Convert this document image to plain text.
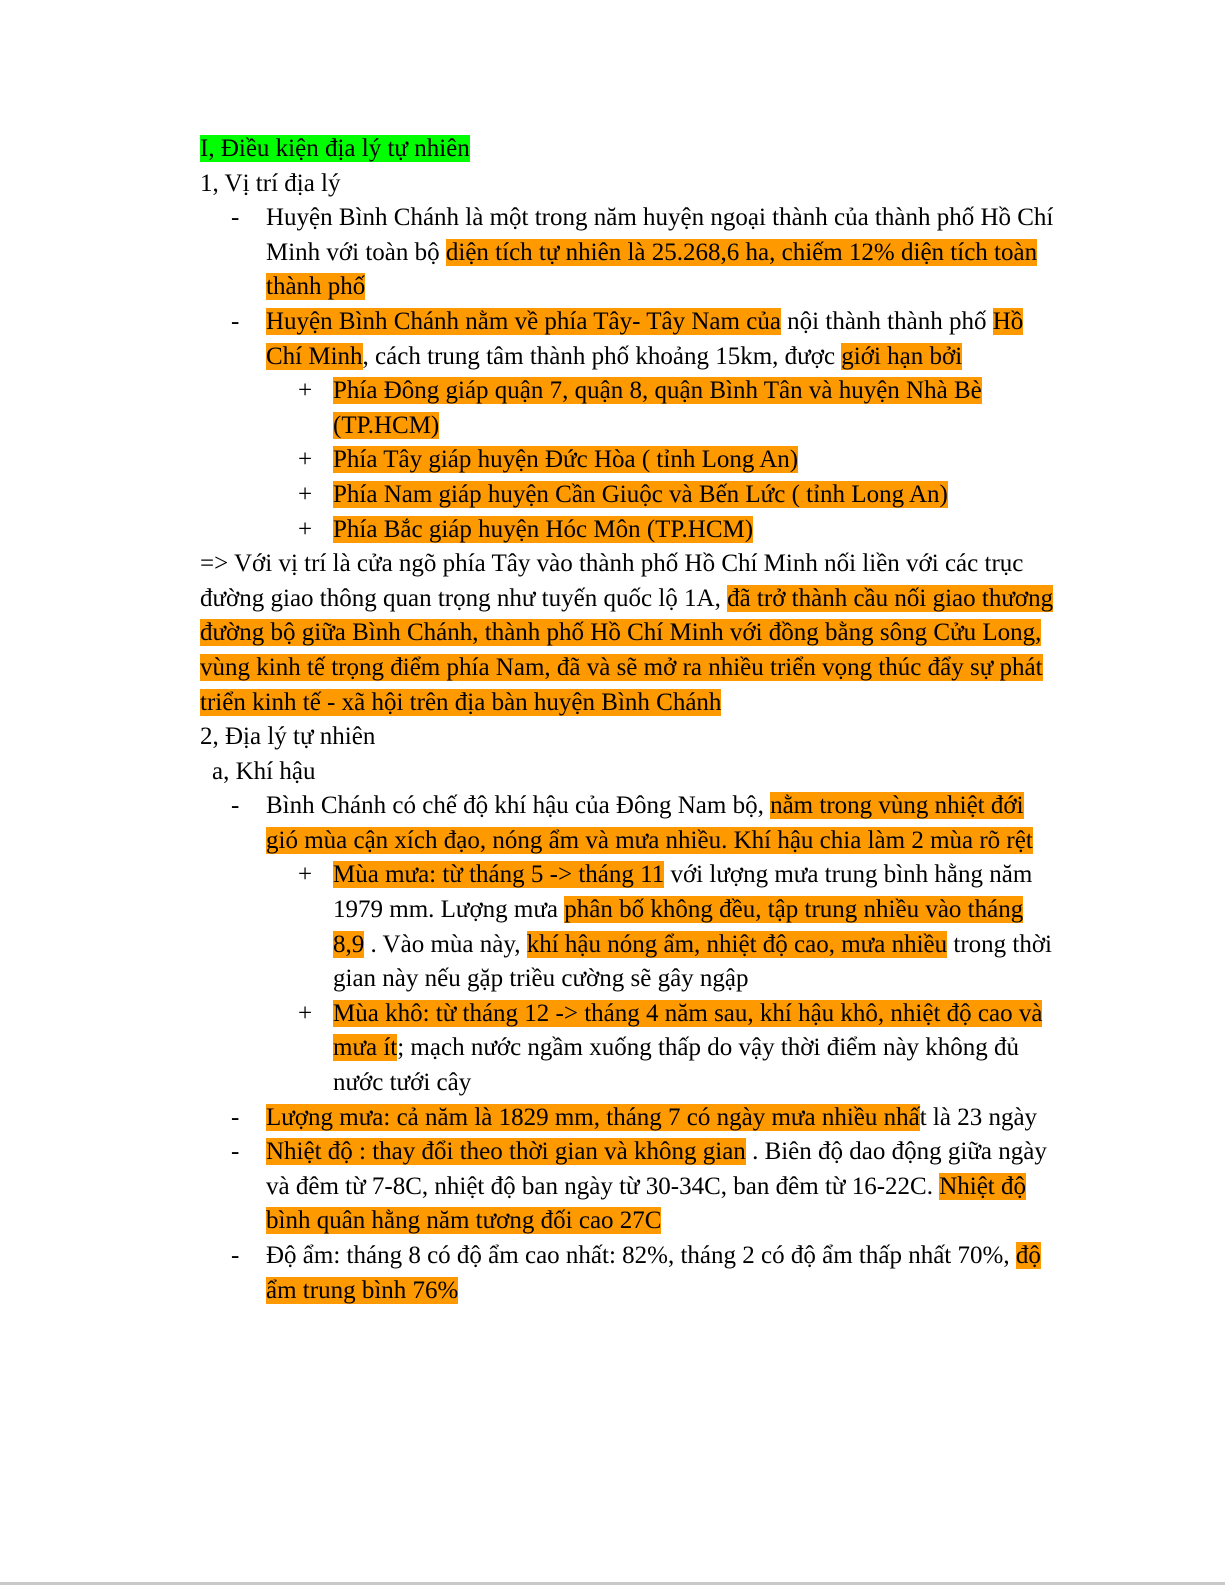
I, Điều kiện địa lý tự nhiên

1, Vị trí địa lý

- Huyện Bình Chánh là một trong năm huyện ngoại thành của thành phố Hồ Chí Minh với toàn bộ diện tích tự nhiên là 25.268,6 ha, chiếm 12% diện tích toàn thành phố
- Huyện Bình Chánh nằm về phía Tây- Tây Nam của nội thành thành phố Hồ Chí Minh, cách trung tâm thành phố khoảng 15km, được giới hạn bởi
+ Phía Đông giáp quận 7, quận 8, quận Bình Tân và huyện Nhà Bè (TP.HCM)
+ Phía Tây giáp huyện Đức Hòa ( tỉnh Long An)
+ Phía Nam giáp huyện Cần Giuộc và Bến Lức ( tỉnh Long An)
+ Phía Bắc giáp huyện Hóc Môn (TP.HCM)

=> Với vị trí là cửa ngõ phía Tây vào thành phố Hồ Chí Minh nối liền với các trục đường giao thông quan trọng như tuyến quốc lộ 1A, đã trở thành cầu nối giao thương đường bộ giữa Bình Chánh, thành phố Hồ Chí Minh với đồng bằng sông Cửu Long, vùng kinh tế trọng điểm phía Nam, đã và sẽ mở ra nhiều triển vọng thúc đẩy sự phát triển kinh tế - xã hội trên địa bàn huyện Bình Chánh

2, Địa lý tự nhiên

a, Khí hậu

- Bình Chánh có chế độ khí hậu của Đông Nam bộ, nằm trong vùng nhiệt đới gió mùa cận xích đạo, nóng ẩm và mưa nhiều. Khí hậu chia làm 2 mùa rõ rệt
+ Mùa mưa: từ tháng 5 -> tháng 11 với lượng mưa trung bình hằng năm 1979 mm. Lượng mưa phân bố không đều, tập trung nhiều vào tháng 8,9 . Vào mùa này, khí hậu nóng ẩm, nhiệt độ cao, mưa nhiều trong thời gian này nếu gặp triều cường sẽ gây ngập
+ Mùa khô: từ tháng 12 -> tháng 4 năm sau, khí hậu khô, nhiệt độ cao và mưa ít; mạch nước ngầm xuống thấp do vậy thời điểm này không đủ nước tưới cây
- Lượng mưa: cả năm là 1829 mm, tháng 7 có ngày mưa nhiều nhất là 23 ngày
- Nhiệt độ : thay đổi theo thời gian và không gian . Biên độ dao động giữa ngày và đêm từ 7-8C, nhiệt độ ban ngày từ 30-34C, ban đêm từ 16-22C. Nhiệt độ bình quân hằng năm tương đối cao 27C
- Độ ẩm: tháng 8 có độ ẩm cao nhất: 82%, tháng 2 có độ ẩm thấp nhất 70%, độ ẩm trung bình 76%
